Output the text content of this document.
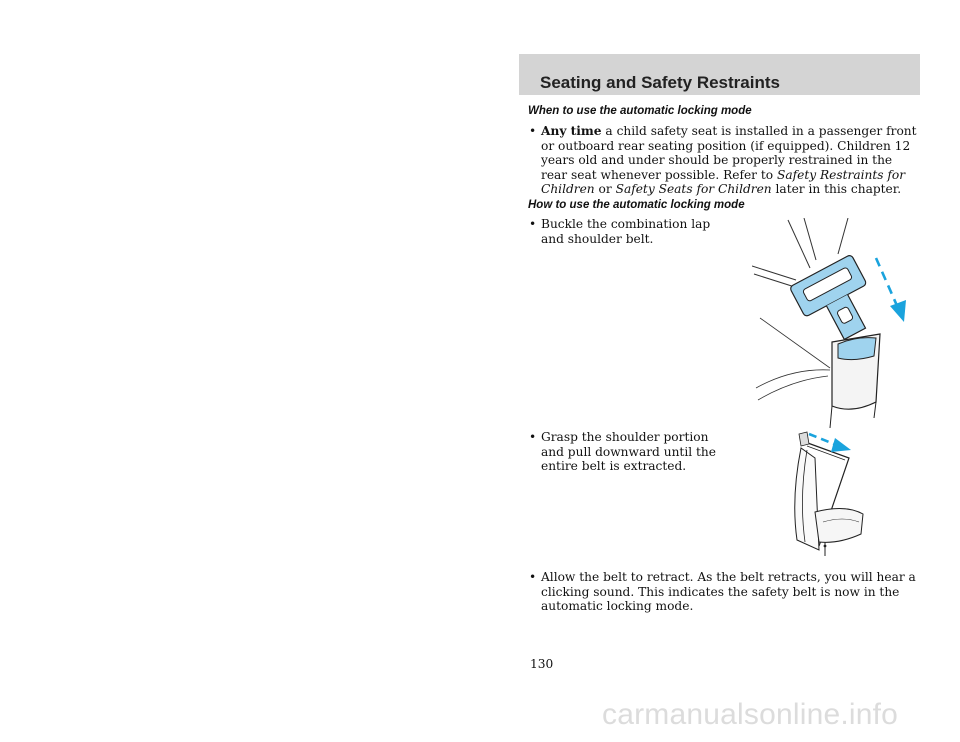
Seating and Safety Restraints
When to use the automatic locking mode
• Any time a child safety seat is installed in a passenger front or outboard rear seating position (if equipped). Children 12 years old and under should be properly restrained in the rear seat whenever possible. Refer to Safety Restraints for Children or Safety Seats for Children later in this chapter.
How to use the automatic locking mode
• Buckle the combination lap and shoulder belt.
• Grasp the shoulder portion and pull downward until the entire belt is extracted.
• Allow the belt to retract. As the belt retracts, you will hear a clicking sound. This indicates the safety belt is now in the automatic locking mode.
130
carmanualsonline.info
